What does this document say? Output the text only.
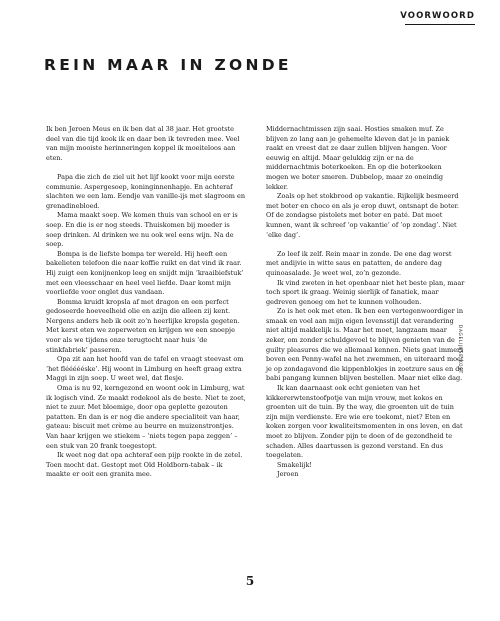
VOORWOORD
REIN MAAR IN ZONDE

Ik ben Jeroen Meus en ik ben dat al 38 jaar. Het grootste deel van die tijd kook ik en daar ben ik tevreden mee. Veel van mijn mooiste herinneringen koppel ik moeiteloos aan eten.

Papa die zich de ziel uit het lijf kookt voor mijn eerste communie. Aspergesoep, koninginnenhapje. En achteraf slachten we een lam. Eendje van vanille-ijs met slagroom en grenadinebloed.

Mama maakt soep. We komen thuis van school en er is soep. En die is er nog steeds. Thuiskomen bij moeder is soep drinken. Al drinken we nu ook wel eens wijn. Na de soep.

Bompa is de liefste bompa ter wereld. Hij heeft een bakelieten telefoon die naar koffie ruikt en dat vind ik raar. Hij zuigt een konijnenkop leeg en snijdt mijn ‘kraaibiefstuk’ met een vleesschaar en heel veel liefde. Daar komt mijn voorliefde voor onglet dus vandaan.

Bomma kruidt kropsla af met dragon en een perfect gedoseerde hoeveelheid olie en azijn die alleen zij kent. Nergens anders heb ik ooit zo’n heerlijke kropsla gegeten. Met kerst eten we zoperweten en krijgen we een snoepje voor als we tijdens onze terugtocht naar huis ‘de stinkfabriek’ passeren.

Opa zit aan het hoofd van de tafel en vraagt steevast om ‘het fléééééske’. Hij woont in Limburg en heeft graag extra Maggi in zijn soep. U weet wel, dat flesje.

Oma is nu 92, kerngezond en woont ook in Limburg, wat ik logisch vind. Ze maakt rodekool als de beste. Niet te zoet, niet te zuur. Met bloemige, door opa geplette gezouten patatten. En dan is er nog die andere specialiteit van haar, gateau: biscuit met crème au beurre en muizenstrontjes. Van haar krijgen we stiekem – ‘niets tegen papa zeggen’ – een stuk van 20 frank toegestopt.

Ik weet nog dat opa achteraf een pijp rookte in de zetel. Toen mocht dat. Gestopt met Old Holdborn-tabak – ik maakte er ooit een granita mee.

Middernachtmissen zijn saai. Hosties smaken muf. Ze blijven zo lang aan je gehemelte kleven dat je in paniek raakt en vreest dat ze daar zullen blijven hangen. Voor eeuwig en altijd. Maar gelukkig zijn er na de middernachtmis boterkoeken. En op die boterkoeken mogen we boter smeren. Dubbelop, maar zo oneindig lekker.

Zoals op het stokbrood op vakantie. Rijkelijk besmeerd met boter en choco en als je erop duwt, ontsnapt de boter. Of de zondagse pistolets met boter en paté. Dat moet kunnen, want ik schreef ‘op vakantie’ of ‘op zondag’. Niet ‘elke dag’.

Zo leef ik zelf. Rein maar in zonde. De ene dag worst met andijvie in witte saus en patatten, de andere dag quinoasalade. Je weet wel, zo’n gezonde.

Ik vind zweten in het openbaar niet het beste plan, maar toch sport ik graag. Weinig sierlijk of fanatiek, maar gedreven genoeg om het te kunnen volhouden.

Zo is het ook met eten. Ik ben een vertegenwoordiger in smaak en voel aan mijn eigen levensstijl dat verandering niet altijd makkelijk is. Maar het moet, langzaam maar zeker, om zonder schuldgevoel te blijven genieten van de guilty pleasures die we allemaal kennen. Niets gaat immers boven een Penny-wafel na het zwemmen, en uiteraard moet je op zondagavond die kippenblokjes in zoetzure saus en de babi pangang kunnen blijven bestellen. Maar niet elke dag.

Ik kan daarnaast ook echt genieten van het kikkererwtenstoofpotje van mijn vrouw, met kokos en groenten uit de tuin. By the way, die groenten uit de tuin zijn mijn verdienste. Ere wie ere toekomt, niet? Eten en koken zorgen voor kwaliteitsmomenten in ons leven, en dat moet zo blijven. Zonder pijn te doen of de gezondheid te schaden. Alles daartussen is gezond verstand. En dus toegelaten.

Smakelijk!

Jeroen

DAGELIJKSE KOST
5
